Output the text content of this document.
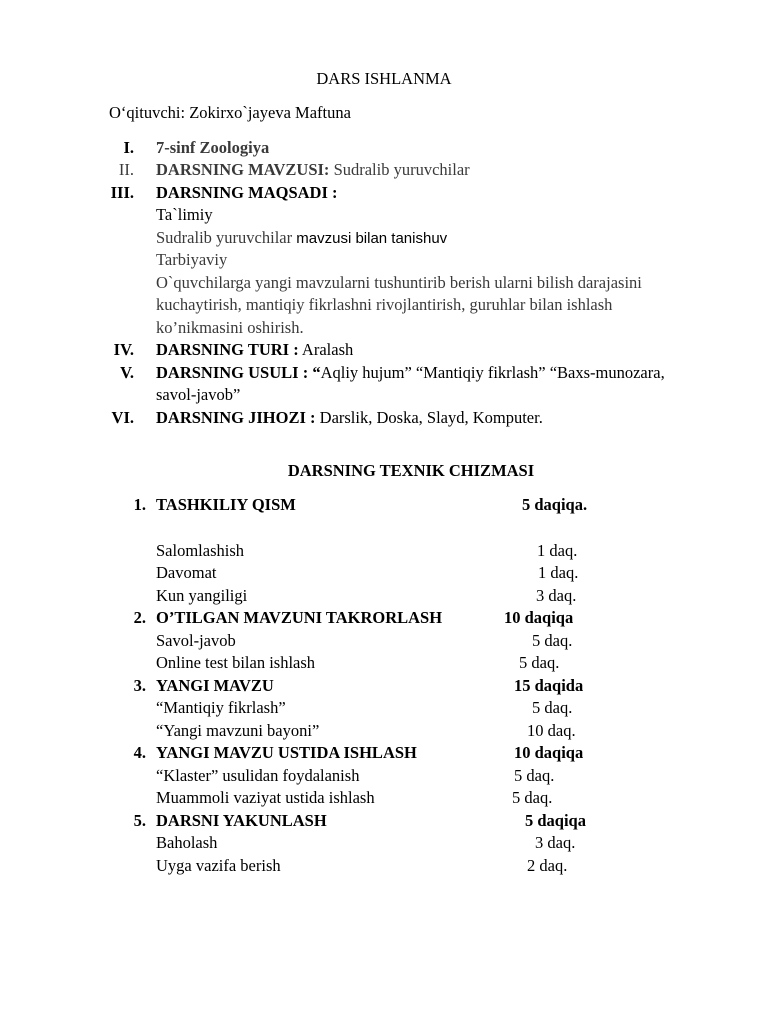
DARS ISHLANMA
O‘qituvchi: Zokirxo`jayeva Maftuna
I. 7-sinf Zoologiya
II. DARSNING MAVZUSI: Sudralib yuruvchilar
III. DARSNING MAQSADI :
Ta`limiy
Sudralib yuruvchilar mavzusi bilan tanishuv
Tarbiyaviy
O`quvchilarga yangi mavzularni tushuntirib berish ularni bilish darajasini
kuchaytirish, mantiqiy fikrlashni rivojlantirish, guruhlar bilan ishlash
ko’nikmasini oshirish.
IV. DARSNING TURI : Aralash
V. DARSNING USULI : “Aqliy hujum” “Mantiqiy fikrlash” “Baxs-munozara,
savol-javob”
VI. DARSNING JIHOZI : Darslik, Doska, Slayd, Komputer.
DARSNING TEXNIK CHIZMASI
1. TASHKILIY QISM	5 daqiqa.
Salomlashish	1 daq.
Davomat	1 daq.
Kun yangiligi	3 daq.
2. O’TILGAN MAVZUNI TAKRORLASH	10 daqiqa
Savol-javob	5 daq.
Online test bilan ishlash	5 daq.
3. YANGI MAVZU	15 daqida
“Mantiqiy fikrlash”	5 daq.
“Yangi mavzuni bayoni”	10 daq.
4. YANGI MAVZU USTIDA ISHLASH	10 daqiqa
“Klaster” usulidan foydalanish	5 daq.
Muammoli vaziyat ustida ishlash	5 daq.
5. DARSNI YAKUNLASH	5 daqiqa
Baholash	3 daq.
Uyga vazifa berish	2 daq.
